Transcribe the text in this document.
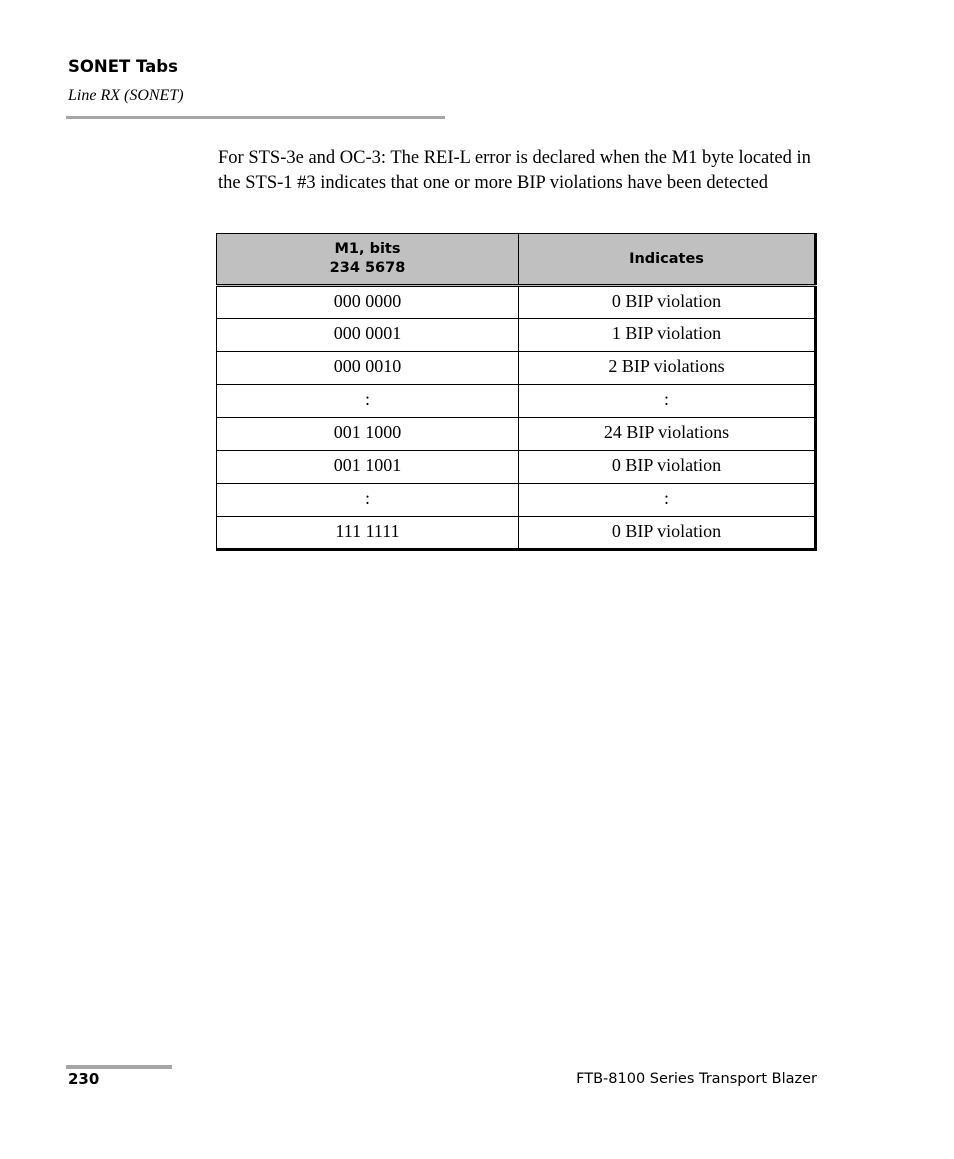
SONET Tabs
Line RX (SONET)

For STS-3e and OC-3: The REI-L error is declared when the M1 byte located in the STS-1 #3 indicates that one or more BIP violations have been detected

M1, bits
234 5678	Indicates

000 0000	0 BIP violation
000 0001	1 BIP violation
000 0010	2 BIP violations
:	:
001 1000	24 BIP violations
001 1001	0 BIP violation
:	:
111 1111	0 BIP violation
230	FTB-8100 Series Transport Blazer
